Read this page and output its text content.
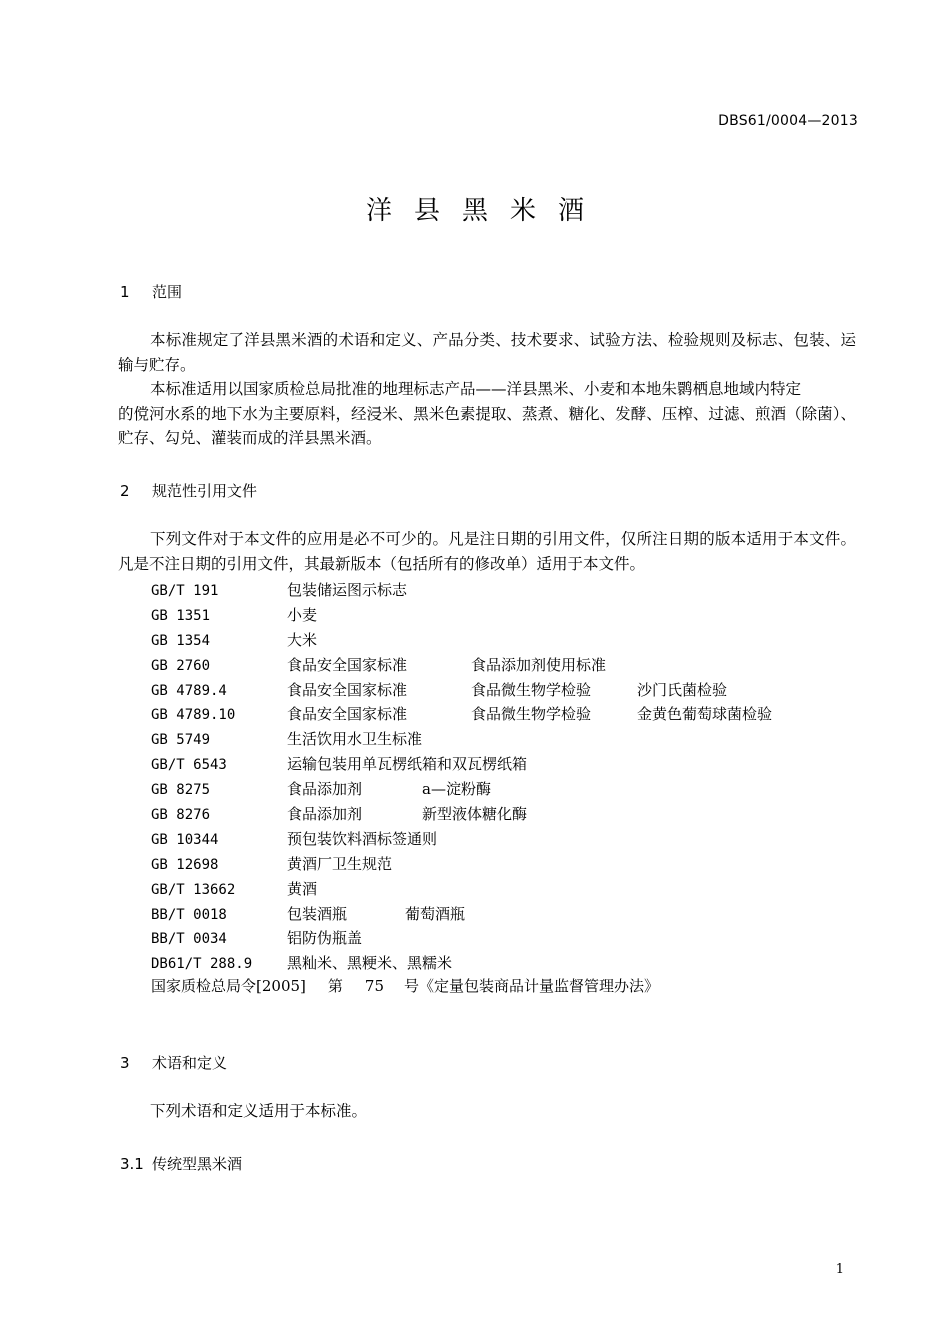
DBS61/0004—2013
洋县黑米酒
1 范围
本标准规定了洋县黑米酒的术语和定义、产品分类、技术要求、试验方法、检验规则及标志、包装、运输与贮存。
本标准适用以国家质检总局批准的地理标志产品——洋县黑米、小麦和本地朱鹮栖息地域内特定
的傥河水系的地下水为主要原料，经浸米、黑米色素提取、蒸煮、糖化、发酵、压榨、过滤、煎酒（除菌）、贮存、勾兑、灌装而成的洋县黑米酒。
2 规范性引用文件
下列文件对于本文件的应用是必不可少的。凡是注日期的引用文件，仅所注日期的版本适用于本文件。凡是不注日期的引用文件，其最新版本（包括所有的修改单）适用于本文件。
GB/T 191	包装储运图示标志
GB 1351	小麦
GB 1354	大米
GB 2760	食品安全国家标准	食品添加剂使用标准
GB 4789.4	食品安全国家标准	食品微生物学检验	沙门氏菌检验
GB 4789.10	食品安全国家标准	食品微生物学检验	金黄色葡萄球菌检验
GB 5749	生活饮用水卫生标准
GB/T 6543	运输包装用单瓦楞纸箱和双瓦楞纸箱
GB 8275	食品添加剂	a—淀粉酶
GB 8276	食品添加剂	新型液体糖化酶
GB 10344	预包装饮料酒标签通则
GB 12698	黄酒厂卫生规范
GB/T 13662	黄酒
BB/T 0018	包装酒瓶	葡萄酒瓶
BB/T 0034	铝防伪瓶盖
DB61/T 288.9 黑籼米、黑粳米、黑糯米
国家质检总局令[2005] 第 75 号《定量包装商品计量监督管理办法》
3 术语和定义
下列术语和定义适用于本标准。
3.1 传统型黑米酒
1
